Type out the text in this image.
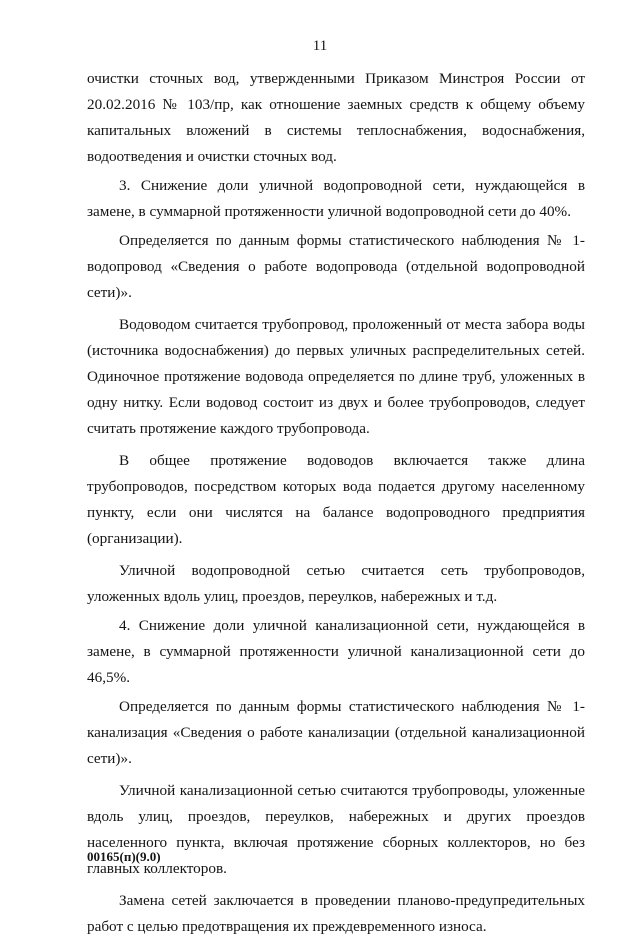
11

очистки сточных вод, утвержденными Приказом Минстроя России от 20.02.2016 № 103/пр, как отношение заемных средств к общему объему капитальных вложений в системы теплоснабжения, водоснабжения, водоотведения и очистки сточных вод.

3. Снижение доли уличной водопроводной сети, нуждающейся в замене, в суммарной протяженности уличной водопроводной сети до 40%.

Определяется по данным формы статистического наблюдения № 1-водопровод «Сведения о работе водопровода (отдельной водопроводной сети)».

Водоводом считается трубопровод, проложенный от места забора воды (источника водоснабжения) до первых уличных распределительных сетей. Одиночное протяжение водовода определяется по длине труб, уложенных в одну нитку. Если водовод состоит из двух и более трубопроводов, следует считать протяжение каждого трубопровода.

В общее протяжение водоводов включается также длина трубопроводов, посредством которых вода подается другому населенному пункту, если они числятся на балансе водопроводного предприятия (организации).

Уличной водопроводной сетью считается сеть трубопроводов, уложенных вдоль улиц, проездов, переулков, набережных и т.д.

4. Снижение доли уличной канализационной сети, нуждающейся в замене, в суммарной протяженности уличной канализационной сети до 46,5%.

Определяется по данным формы статистического наблюдения № 1-канализация «Сведения о работе канализации (отдельной канализационной сети)».

Уличной канализационной сетью считаются трубопроводы, уложенные вдоль улиц, проездов, переулков, набережных и других проездов населенного пункта, включая протяжение сборных коллекторов, но без главных коллекторов.

Замена сетей заключается в проведении планово-предупредительных работ с целью предотвращения их преждевременного износа.

00165(п)(9.0)
